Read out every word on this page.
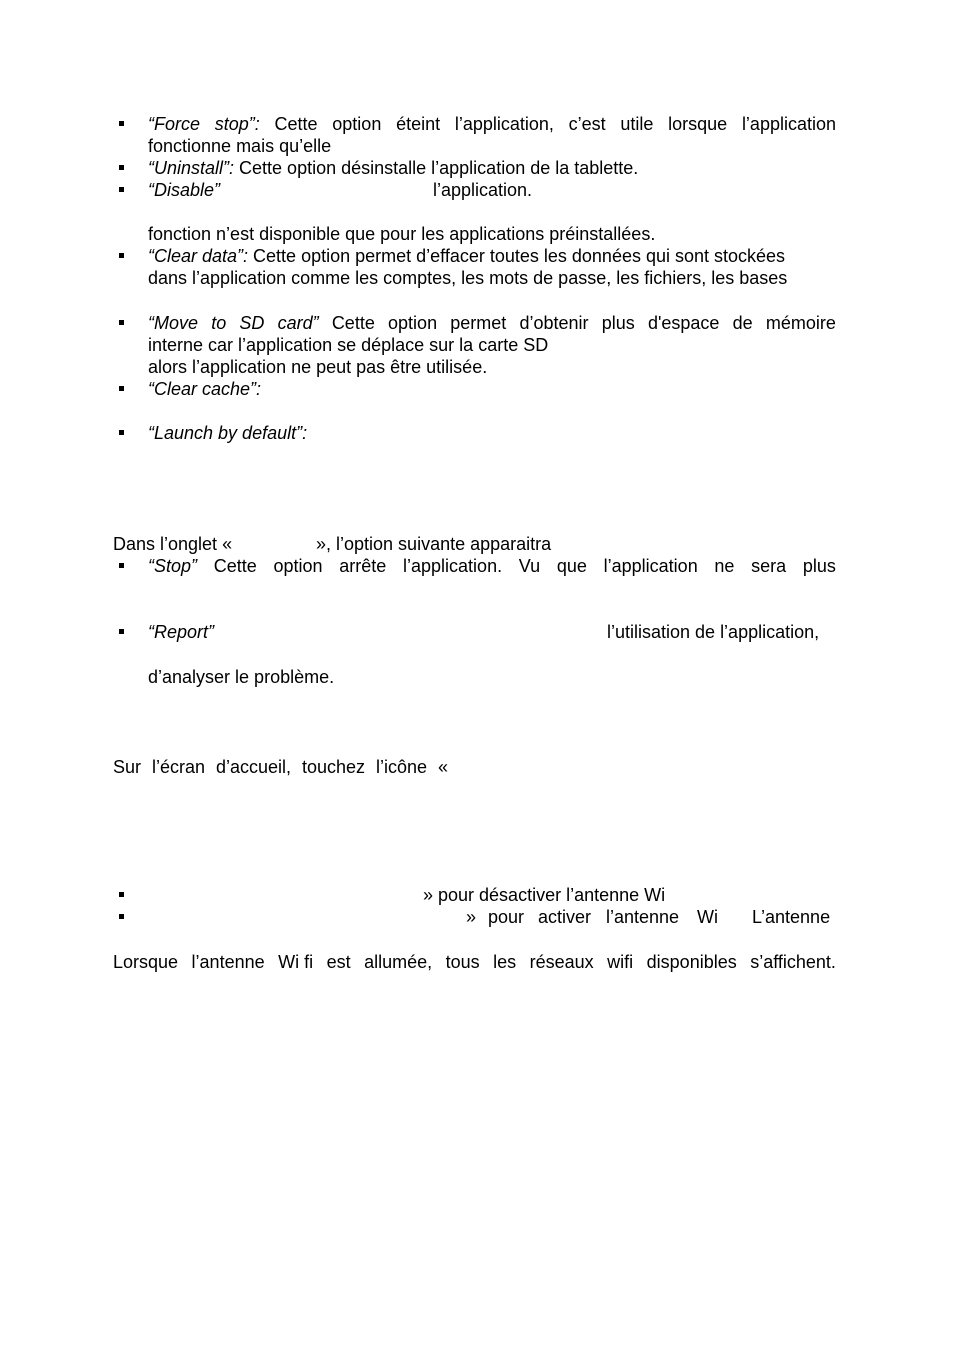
“Force stop”: Cette option éteint l’application, c’est utile lorsque l’application
fonctionne mais qu’elle
“Uninstall”: Cette option désinstalle l’application de la tablette.
“Disable”	l’application.
fonction n’est disponible que pour les applications préinstallées.
“Clear data”: Cette option permet d’effacer toutes les données qui sont stockées
dans l’application comme les comptes, les mots de passe, les fichiers, les bases
“Move to SD card” Cette option permet d’obtenir plus d'espace de mémoire
interne car l’application se déplace sur la carte SD
alors l’application ne peut pas être utilisée.
“Clear cache”:
“Launch by default”:
Dans l’onglet «	», l’option suivante apparaitra
“Stop” Cette option arrête l’application. Vu que l’application ne sera plus
“Report”	l’utilisation de l’application,
d’analyser le problème.
Sur l’écran d’accueil, touchez l’icône «
» pour désactiver l’antenne Wi
» pour activer l’antenne Wi L’antenne
Lorsque l’antenne Wi fi est allumée, tous les réseaux wifi disponibles s’affichent.
